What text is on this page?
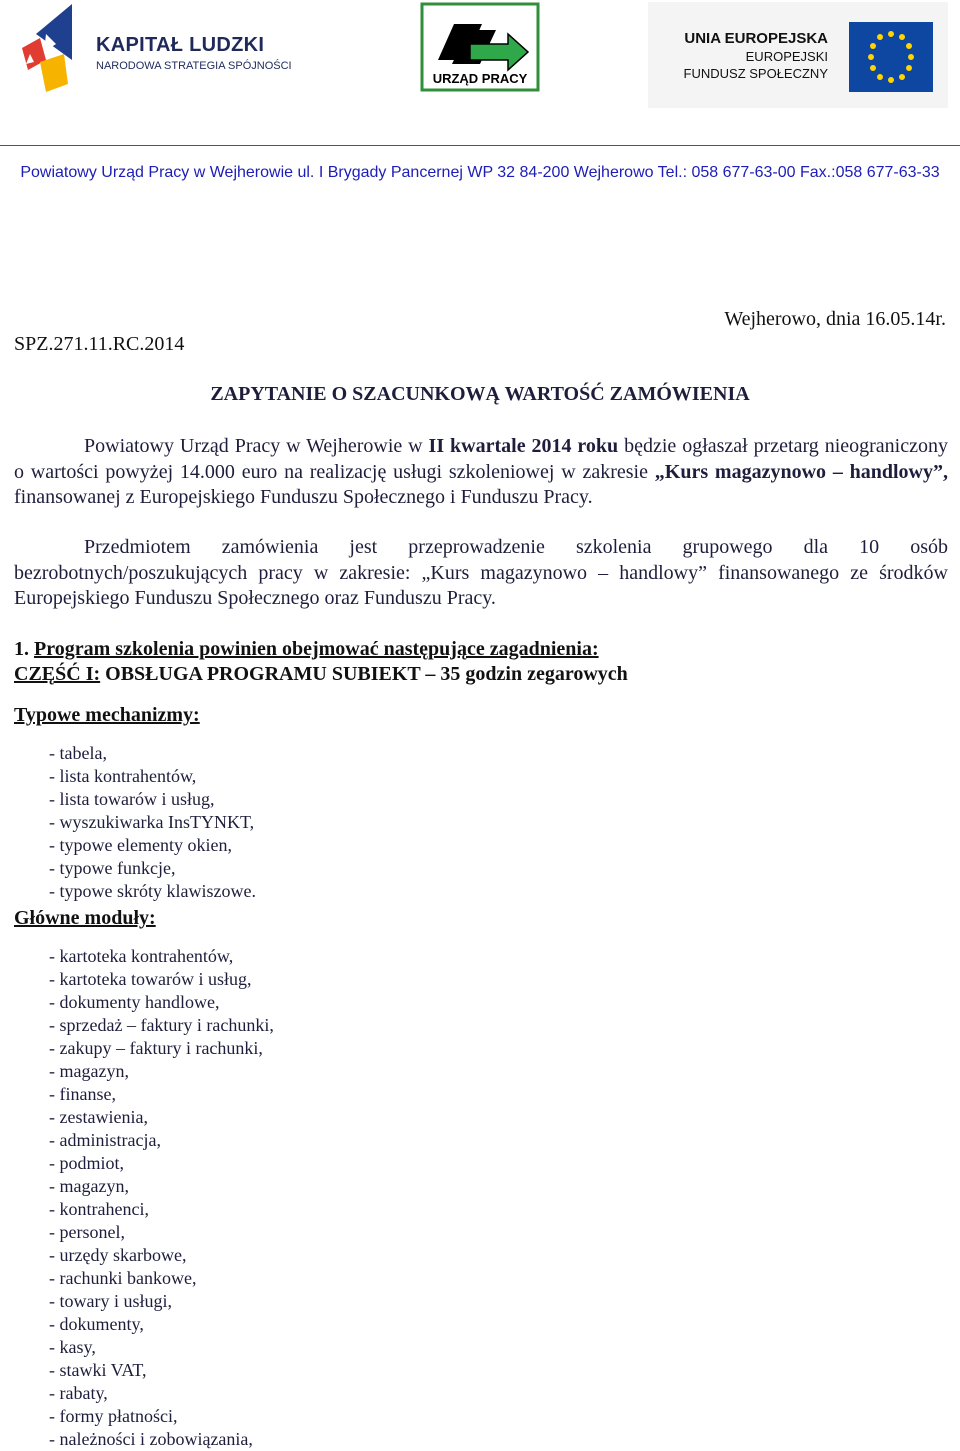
KAPITAŁ LUDZKI
NARODOWA STRATEGIA SPÓJNOŚCI
URZĄD PRACY
UNIA EUROPEJSKA
EUROPEJSKI
FUNDUSZ SPOŁECZNY
Powiatowy Urząd Pracy w Wejherowie ul. I Brygady Pancernej WP 32 84-200 Wejherowo Tel.: 058 677-63-00 Fax.:058 677-63-33
Wejherowo, dnia 16.05.14r.
SPZ.271.11.RC.2014
ZAPYTANIE O SZACUNKOWĄ WARTOŚĆ ZAMÓWIENIA
Powiatowy Urząd Pracy w Wejherowie w II kwartale 2014 roku będzie ogłaszał przetarg nieograniczony o wartości powyżej 14.000 euro na realizację usługi szkoleniowej w zakresie „Kurs magazynowo – handlowy”, finansowanej z Europejskiego Funduszu Społecznego i Funduszu Pracy.
Przedmiotem zamówienia jest przeprowadzenie szkolenia grupowego dla 10 osób bezrobotnych/poszukujących pracy w zakresie: „Kurs magazynowo – handlowy” finansowanego ze środków Europejskiego Funduszu Społecznego oraz Funduszu Pracy.
1. Program szkolenia powinien obejmować następujące zagadnienia:
CZĘŚĆ I: OBSŁUGA PROGRAMU SUBIEKT – 35 godzin zegarowych
Typowe mechanizmy:
- tabela,
- lista kontrahentów,
- lista towarów i usług,
- wyszukiwarka InsTYNKT,
- typowe elementy okien,
- typowe funkcje,
- typowe skróty klawiszowe.
Główne moduły:
- kartoteka kontrahentów,
- kartoteka towarów i usług,
- dokumenty handlowe,
- sprzedaż – faktury i rachunki,
- zakupy – faktury i rachunki,
- magazyn,
- finanse,
- zestawienia,
- administracja,
- podmiot,
- magazyn,
- kontrahenci,
- personel,
- urzędy skarbowe,
- rachunki bankowe,
- towary i usługi,
- dokumenty,
- kasy,
- stawki VAT,
- rabaty,
- formy płatności,
- należności i zobowiązania,
